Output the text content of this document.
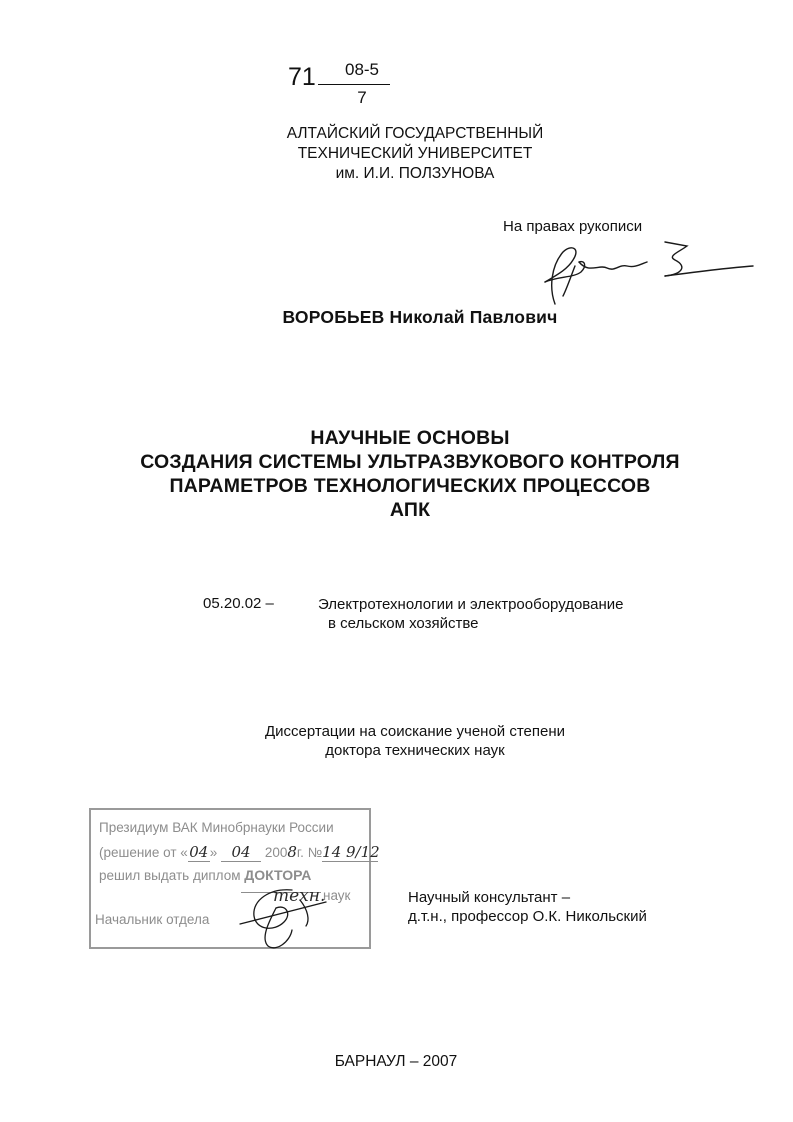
71	08-5
7
АЛТАЙСКИЙ ГОСУДАРСТВЕННЫЙ
ТЕХНИЧЕСКИЙ УНИВЕРСИТЕТ
им. И.И. ПОЛЗУНОВА
На правах рукописи
ВОРОБЬЕВ Николай Павлович
НАУЧНЫЕ ОСНОВЫ
СОЗДАНИЯ СИСТЕМЫ УЛЬТРАЗВУКОВОГО КОНТРОЛЯ
ПАРАМЕТРОВ ТЕХНОЛОГИЧЕСКИХ ПРОЦЕССОВ
АПК
05.20.02 –	Электротехнологии и электрооборудование
в сельском хозяйстве
Диссертации на соискание ученой степени
доктора технических наук
Президиум ВАК Минобрнауки России
(решение от «04» 04 2008г. №14 9/12
решил выдать диплом ДОКТОРА
техн.
наук
Начальник отдела
Научный консультант –
д.т.н., профессор О.К. Никольский
БАРНАУЛ – 2007
